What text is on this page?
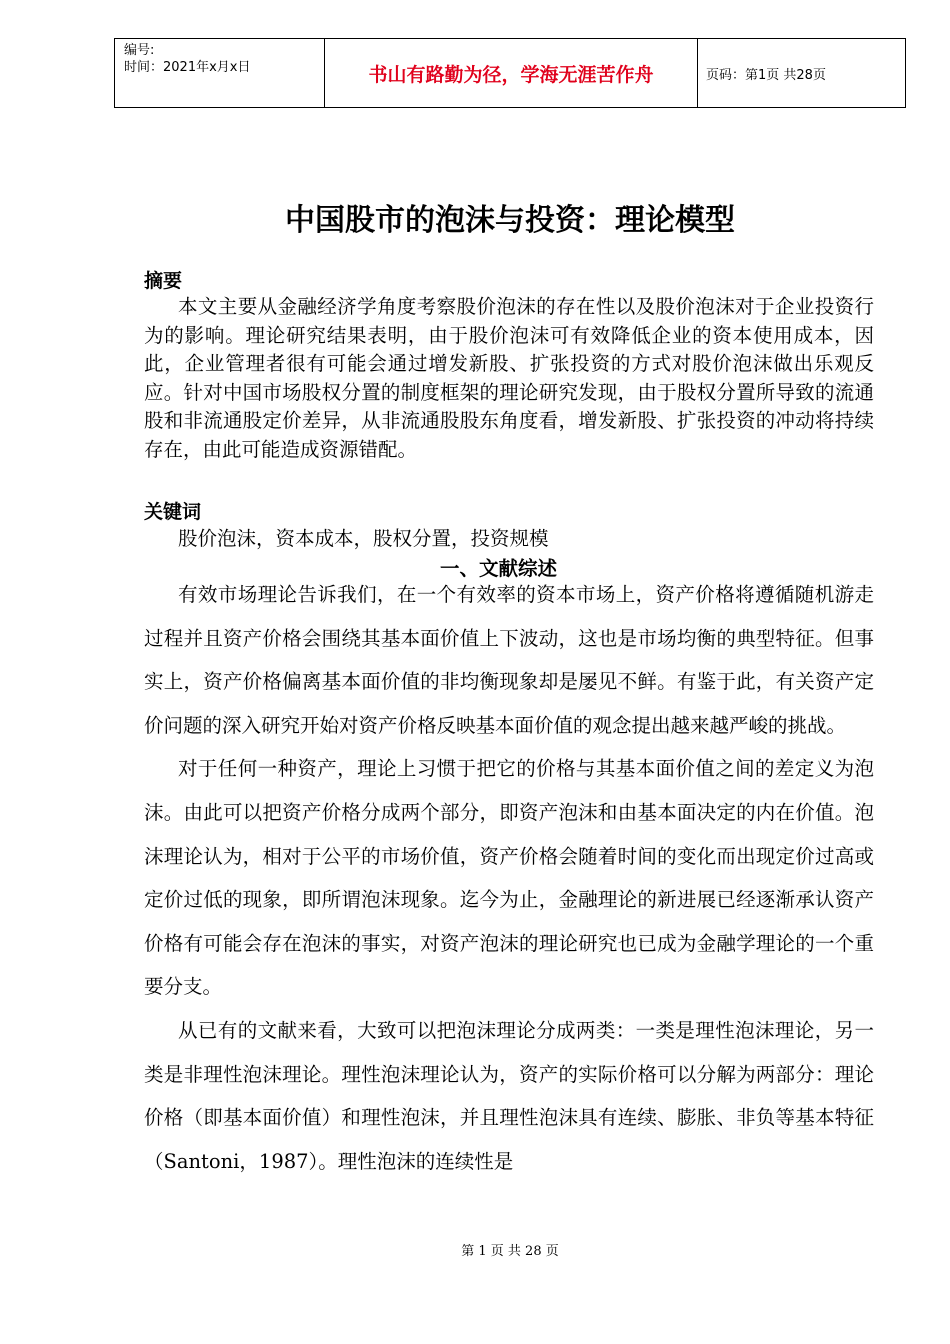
编号:
时间：2021年x月x日	书山有路勤为径，学海无涯苦作舟	页码：第1页 共28页
中国股市的泡沫与投资：理论模型
摘要

本文主要从金融经济学角度考察股价泡沫的存在性以及股价泡沫对于企业投资行为的影响。理论研究结果表明，由于股价泡沫可有效降低企业的资本使用成本，因此，企业管理者很有可能会通过增发新股、扩张投资的方式对股价泡沫做出乐观反应。针对中国市场股权分置的制度框架的理论研究发现，由于股权分置所导致的流通股和非流通股定价差异，从非流通股股东角度看，增发新股、扩张投资的冲动将持续存在，由此可能造成资源错配。

关键词

股价泡沫，资本成本，股权分置，投资规模

一、文献综述

有效市场理论告诉我们，在一个有效率的资本市场上，资产价格将遵循随机游走过程并且资产价格会围绕其基本面价值上下波动，这也是市场均衡的典型特征。但事实上，资产价格偏离基本面价值的非均衡现象却是屡见不鲜。有鉴于此，有关资产定价问题的深入研究开始对资产价格反映基本面价值的观念提出越来越严峻的挑战。

对于任何一种资产，理论上习惯于把它的价格与其基本面价值之间的差定义为泡沫。由此可以把资产价格分成两个部分，即资产泡沫和由基本面决定的内在价值。泡沫理论认为，相对于公平的市场价值，资产价格会随着时间的变化而出现定价过高或定价过低的现象，即所谓泡沫现象。迄今为止，金融理论的新进展已经逐渐承认资产价格有可能会存在泡沫的事实，对资产泡沫的理论研究也已成为金融学理论的一个重要分支。

从已有的文献来看，大致可以把泡沫理论分成两类：一类是理性泡沫理论，另一类是非理性泡沫理论。理性泡沫理论认为，资产的实际价格可以分解为两部分：理论价格（即基本面价值）和理性泡沫，并且理性泡沫具有连续、膨胀、非负等基本特征（Santoni，1987）。理性泡沫的连续性是

第 1 页 共 28 页
